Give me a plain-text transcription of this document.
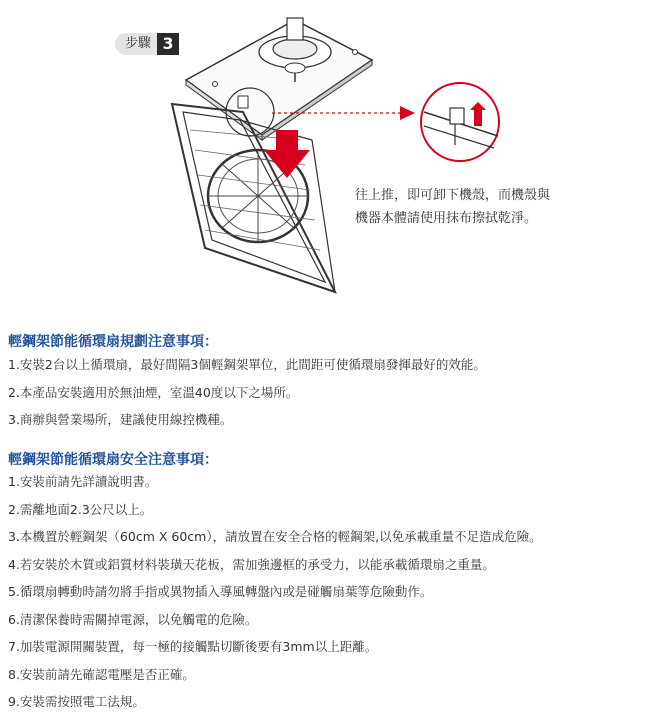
步驟 3
往上推，即可卸下機殼，而機殼與機器本體請使用抹布擦拭乾淨。
輕鋼架節能循環扇規劃注意事項：
1.安裝2台以上循環扇，最好間隔3個輕鋼架單位，此間距可使循環扇發揮最好的效能。
2.本產品安裝適用於無油煙，室溫40度以下之場所。
3.商辦與營業場所，建議使用線控機種。
輕鋼架節能循環扇安全注意事項：
1.安裝前請先詳讀說明書。
2.需離地面2.3公尺以上。
3.本機置於輕鋼架（60cm X 60cm），請放置在安全合格的輕鋼架,以免承載重量不足造成危險。
4.若安裝於木質或鋁質材料裝璜天花板，需加強邊框的承受力，以能承載循環扇之重量。
5.循環扇轉動時請勿將手指或異物插入導風轉盤內或是碰觸扇葉等危險動作。
6.清潔保養時需關掉電源，以免觸電的危險。
7.加裝電源開關裝置，每一極的接觸點切斷後要有3mm以上距離。
8.安裝前請先確認電壓是否正確。
9.安裝需按照電工法規。
